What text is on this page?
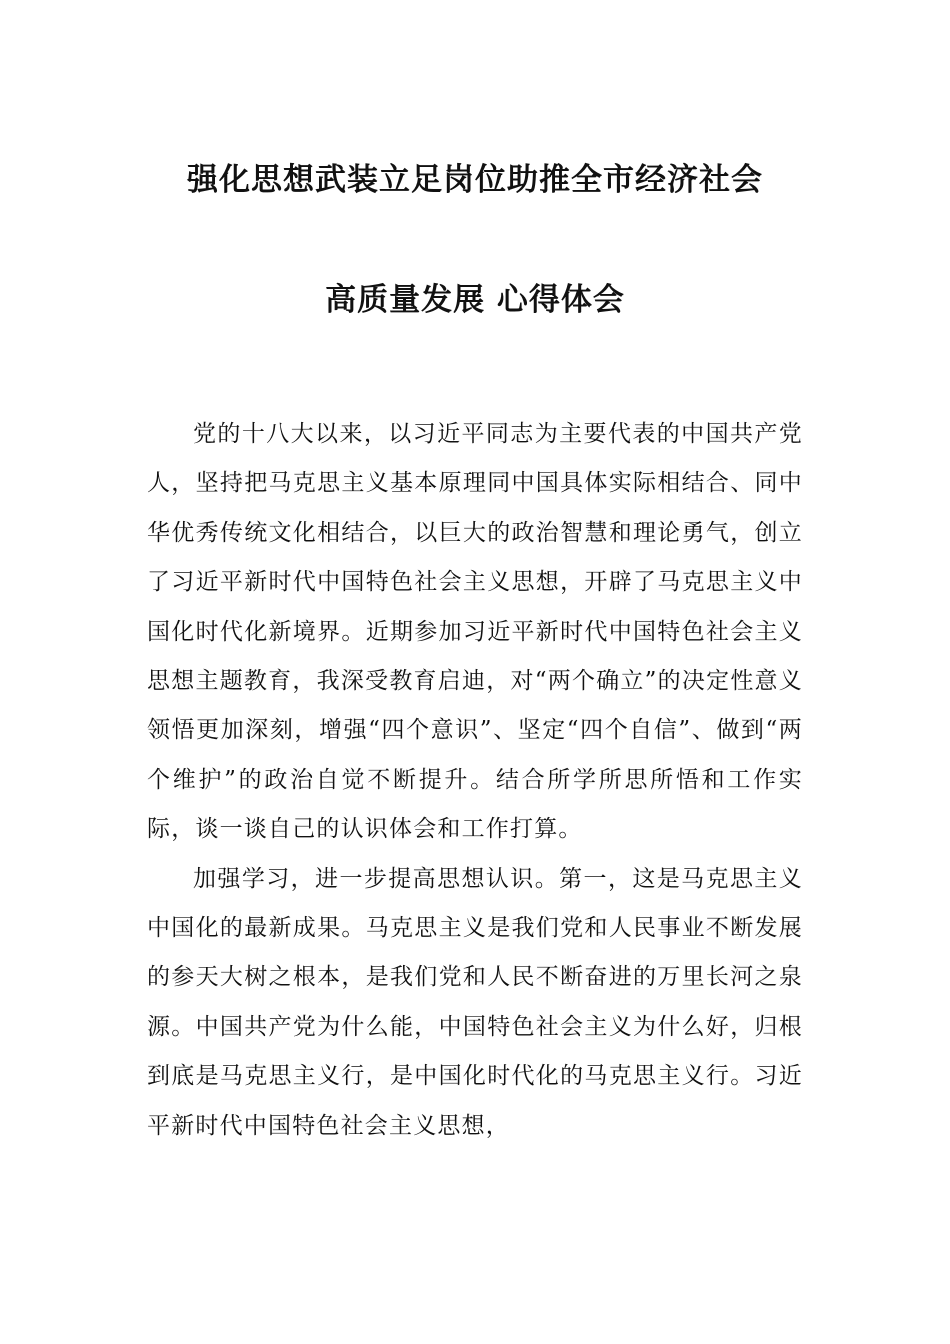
强化思想武装立足岗位助推全市经济社会
高质量发展 心得体会

党的十八大以来，以习近平同志为主要代表的中国共产党人，坚持把马克思主义基本原理同中国具体实际相结合、同中华优秀传统文化相结合，以巨大的政治智慧和理论勇气，创立了习近平新时代中国特色社会主义思想，开辟了马克思主义中国化时代化新境界。近期参加习近平新时代中国特色社会主义思想主题教育，我深受教育启迪，对“两个确立”的决定性意义领悟更加深刻，增强“四个意识”、坚定“四个自信”、做到“两个维护”的政治自觉不断提升。结合所学所思所悟和工作实际，谈一谈自己的认识体会和工作打算。

加强学习，进一步提高思想认识。第一，这是马克思主义中国化的最新成果。马克思主义是我们党和人民事业不断发展的参天大树之根本，是我们党和人民不断奋进的万里长河之泉源。中国共产党为什么能，中国特色社会主义为什么好，归根到底是马克思主义行，是中国化时代化的马克思主义行。习近平新时代中国特色社会主义思想，
